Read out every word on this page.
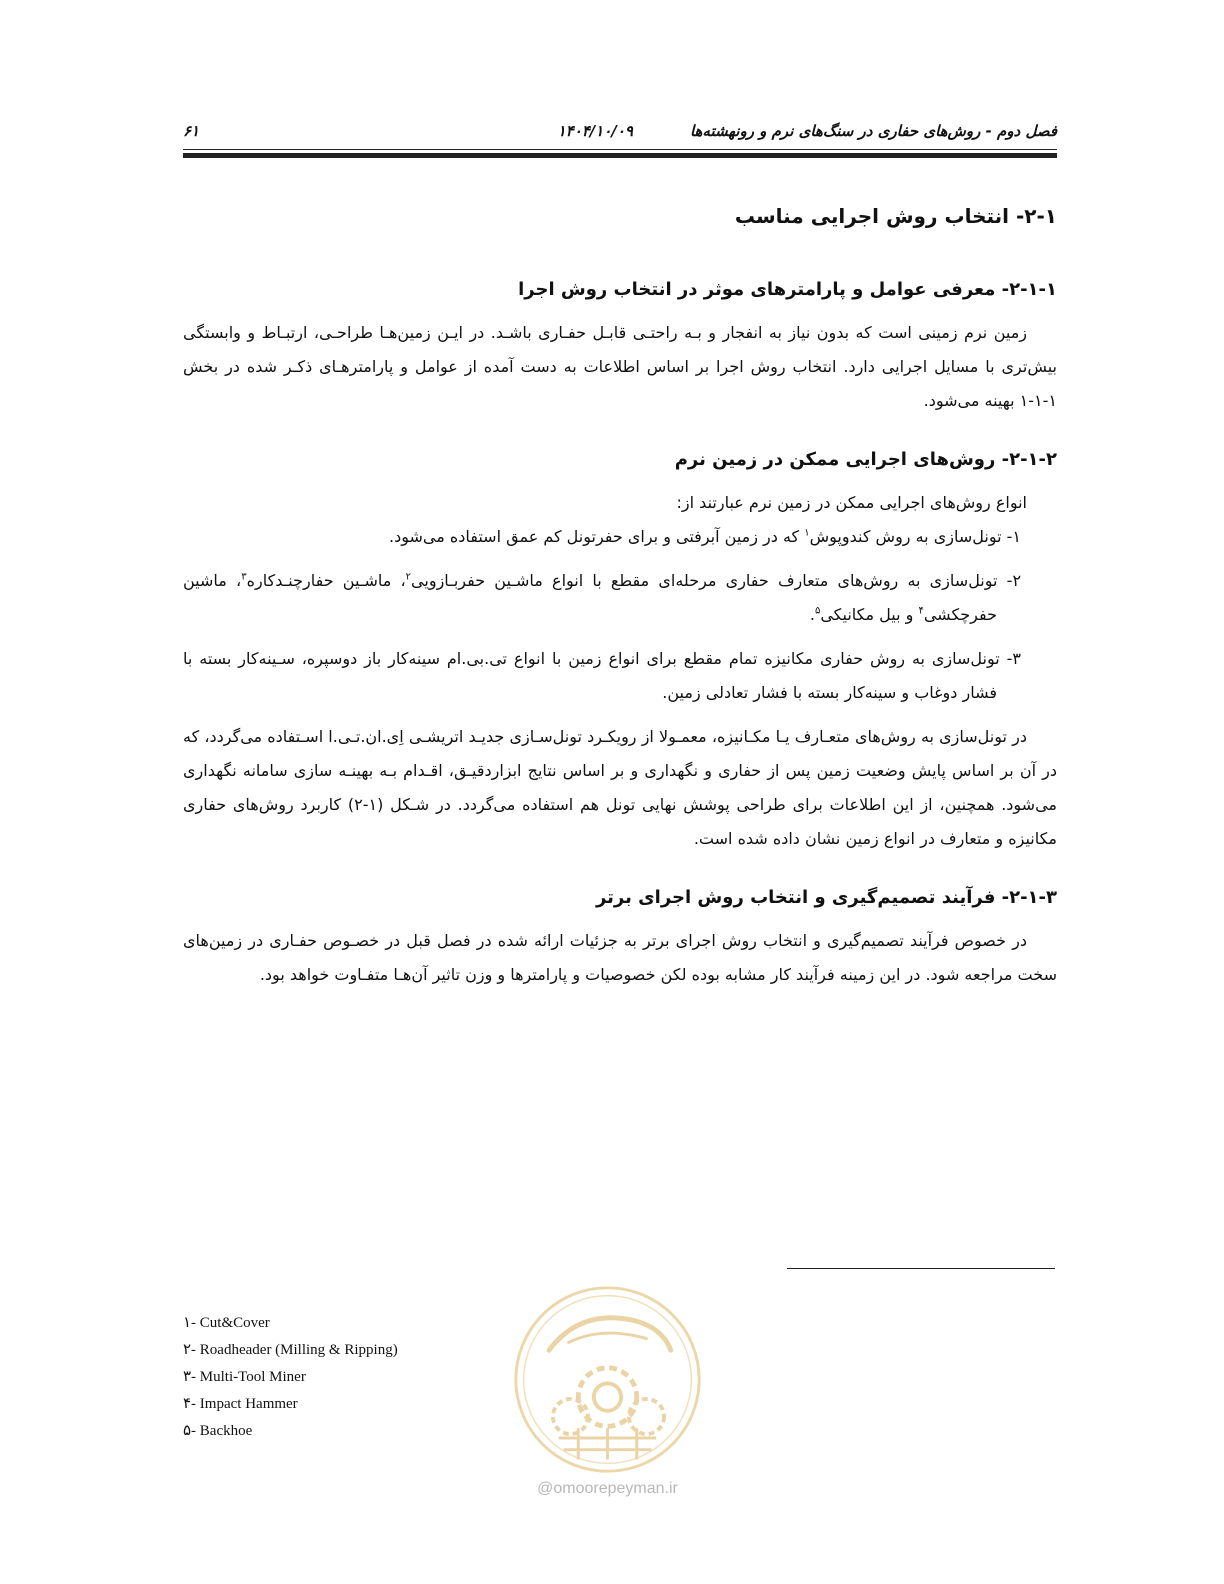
فصل دوم - روش‌های حفاری در سنگ‌های نرم و رونهشته‌ها
۱۴۰۴/۱۰/۰۹
۶۱
۲-۱- انتخاب روش اجرایی مناسب
۲-۱-۱- معرفی عوامل و پارامترهای موثر در انتخاب روش اجرا

زمین نرم زمینی است که بدون نیاز به انفجار و بـه راحتـی قابـل حفـاری باشـد. در ایـن زمین‌هـا طراحـی، ارتبـاط و وابستگی بیش‌تری با مسایل اجرایی دارد. انتخاب روش اجرا بر اساس اطلاعات به دست آمده از عوامل و پارامترهـای ذکـر شده در بخش ۱-۱-۱ بهینه می‌شود.

۲-۱-۲- روش‌های اجرایی ممکن در زمین نرم

انواع روش‌های اجرایی ممکن در زمین نرم عبارتند از:

۱- تونل‌سازی به روش کندوپوش$^۱$ که در زمین آبرفتی و برای حفرتونل کم عمق استفاده می‌شود.

۲- تونل‌سازی به روش‌های متعارف حفاری مرحله‌ای مقطع با انواع ماشـین حفربـازویی$^۲$، ماشـین حفارچنـدکاره$^۳$، ماشین حفرچکشی$^۴$ و بیل مکانیکی$^۵$.

۳- تونل‌سازی به روش حفاری مکانیزه تمام مقطع برای انواع زمین با انواع تی.بی.ام سینه‌کار باز دوسپره، سـینه‌کار بسته با فشار دوغاب و سینه‌کار بسته با فشار تعادلی زمین.

در تونل‌سازی به روش‌های متعـارف یـا مکـانیزه، معمـولا از رویکـرد تونل‌سـازی جدیـد اتریشـی اِی.ان.تـی.ا اسـتفاده می‌گردد، که در آن بر اساس پایش وضعیت زمین پس از حفاری و نگهداری و بر اساس نتایج ابزاردقیـق، اقـدام بـه بهینـه سازی سامانه نگهداری می‌شود. همچنین، از این اطلاعات برای طراحی پوشش نهایی تونل هم استفاده می‌گردد. در شـکل (۱-۲) کاربرد روش‌های حفاری مکانیزه و متعارف در انواع زمین نشان داده شده است.

۲-۱-۳- فرآیند تصمیم‌گیری و انتخاب روش اجرای برتر

در خصوص فرآیند تصمیم‌گیری و انتخاب روش اجرای برتر به جزئیات ارائه شده در فصل قبل در خصـوص حفـاری در زمین‌های سخت مراجعه شود. در این زمینه فرآیند کار مشابه بوده لکن خصوصیات و پارامترها و وزن تاثیر آن‌هـا متفـاوت خواهد بود.

۱- Cut&Cover
۲- Roadheader (Milling & Ripping)
۳- Multi-Tool Miner
۴- Impact Hammer
۵- Backhoe
@omoorepeyman.ir
